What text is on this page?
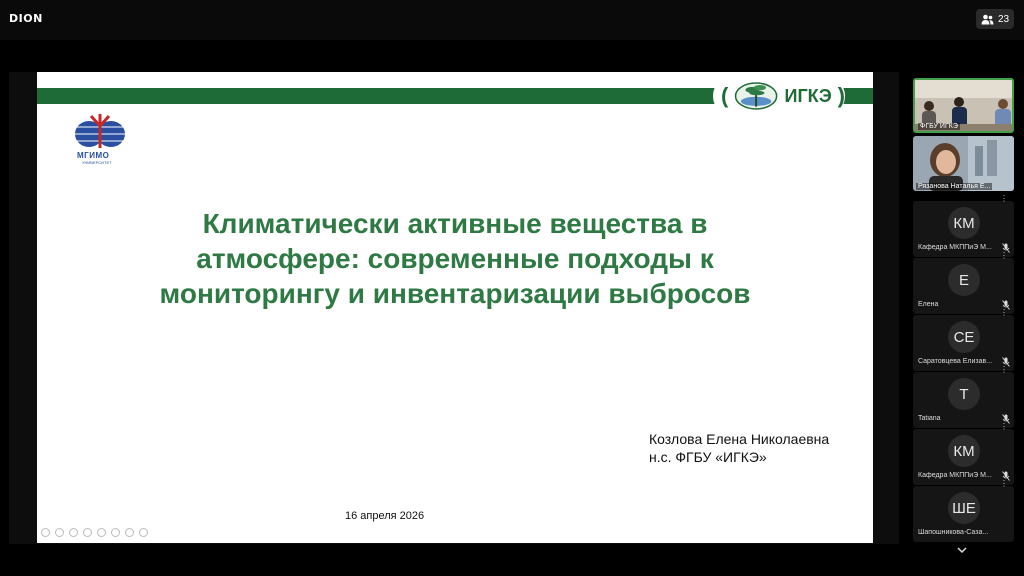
DION	23
(	ИГКЭ )
МГИМО
УНИВЕРСИТЕТ
Климатически активные вещества в
атмосфере: современные подходы к
мониторингу и инвентаризации выбросов
Козлова Елена Николаевна
н.с. ФГБУ «ИГКЭ»
16 апреля 2026
ФГБУ ИГКЭ
Рязанова Наталья Е...
⋮
КМ
Кафедра МКППиЭ М...
⋮
Е
Елена
⋮
СЕ
Саратовцева Елизав...
⋮
Т
Tatiana
⋮
КМ
Кафедра МКППиЭ М...
⋮
ШЕ
Шапошникова-Саза...
